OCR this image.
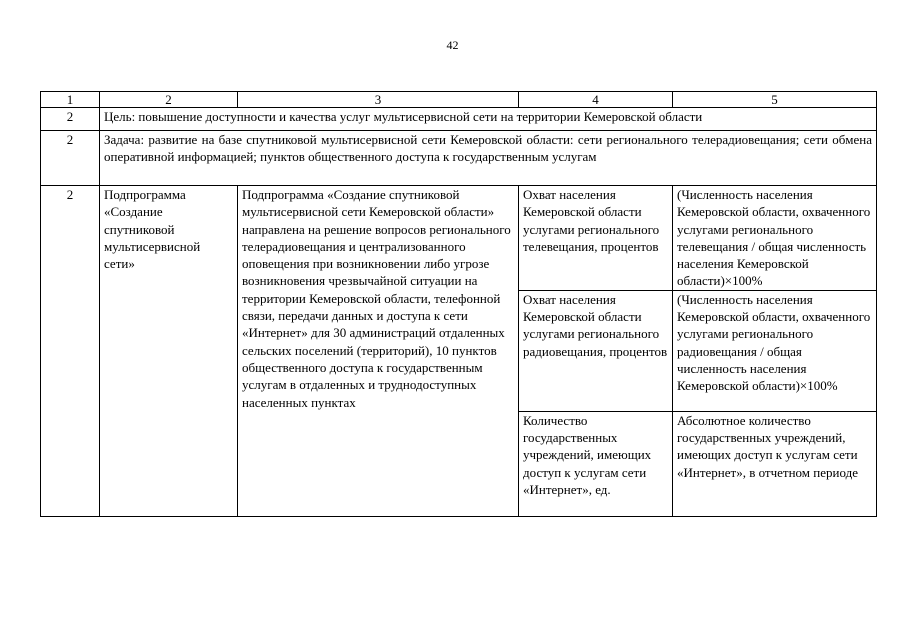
42
1	2	3	4	5
2	Цель: повышение доступности и качества услуг мультисервисной сети на территории Кемеровской области			
2	Задача: развитие на базе спутниковой мультисервисной сети Кемеровской области: сети регионального телерадиовещания; сети обмена оперативной информацией; пунктов общественного доступа к государственным услугам			
2	Подпрограмма «Создание спутниковой мультисервисной сети»	Подпрограмма «Создание спутниковой мультисервисной сети Кемеровской области» направлена на решение вопросов регионального телерадиовещания и централизованного оповещения при возникновении либо угрозе возникновения чрезвычайной ситуации на территории Кемеровской области, телефонной связи, передачи данных и доступа к сети «Интернет» для 30 администраций отдаленных сельских поселений (территорий), 10 пунктов общественного доступа к государственным услугам в отдаленных и труднодоступных населенных пунктах	Охват населения Кемеровской области услугами регионального телевещания, процентов	(Численность населения Кемеровской области, охваченного услугами регионального телевещания / общая численность населения Кемеровской области)×100%
			Охват населения Кемеровской области услугами регионального радиовещания, процентов	(Численность населения Кемеровской области, охваченного услугами регионального радиовещания / общая численность населения Кемеровской области)×100%
			Количество государственных учреждений, имеющих доступ к услугам сети «Интернет», ед.	Абсолютное количество государственных учреждений, имеющих доступ к услугам сети «Интернет», в отчетном периоде
